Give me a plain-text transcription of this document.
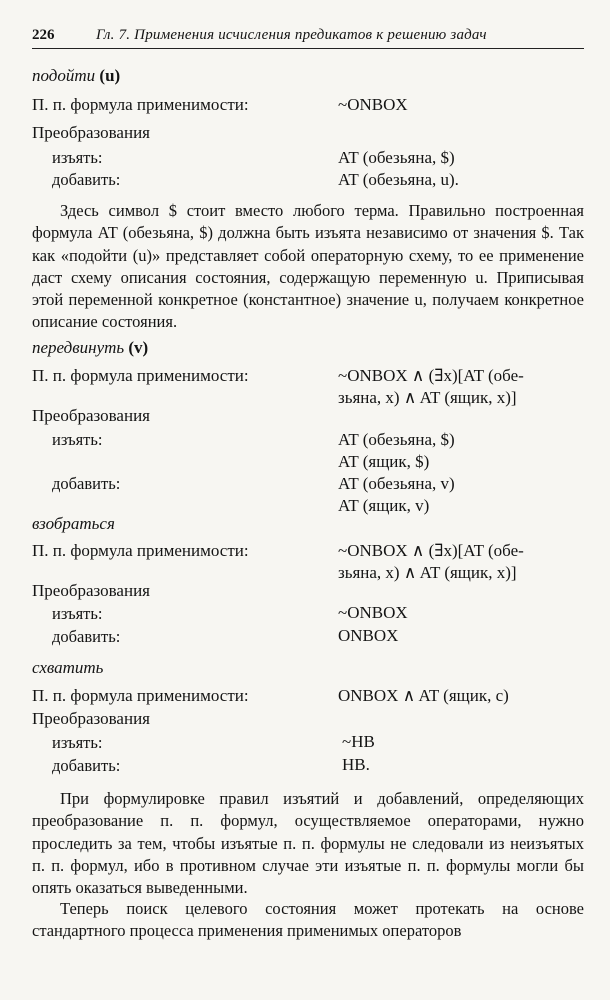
226	Гл. 7. Применения исчисления предикатов к решению задач
подойти (u)
П. п. формула применимости:	~ONBOX
Преобразования
изъять:	AT (обезьяна, $)
добавить:	AT (обезьяна, u).
Здесь символ $ стоит вместо любого терма. Правильно построенная формула AT (обезьяна, $) должна быть изъята независимо от значения $. Так как «подойти (u)» представляет собой операторную схему, то ее применение даст схему описания состояния, содержащую переменную u. Приписывая этой переменной конкретное (константное) значение u, получаем конкретное описание состояния.
передвинуть (v)
П. п. формула применимости:	~ONBOX ∧ (∃x)[AT (обе-
зьяна, x) ∧ AT (ящик, x)]
Преобразования
изъять:	AT (обезьяна, $)
AT (ящик, $)
добавить:	AT (обезьяна, v)
AT (ящик, v)
взобраться
П. п. формула применимости:	~ONBOX ∧ (∃x)[AT (обе-
зьяна, x) ∧ AT (ящик, x)]
Преобразования
изъять:	~ONBOX
добавить:	ONBOX
схватить
П. п. формула применимости:	ONBOX ∧ AT (ящик, c)
Преобразования
изъять:	~HB
добавить:	HB.
При формулировке правил изъятий и добавлений, определяющих преобразование п. п. формул, осуществляемое операторами, нужно проследить за тем, чтобы изъятые п. п. формулы не следовали из неизъятых п. п. формул, ибо в противном случае эти изъятые п. п. формулы могли бы опять оказаться выведенными.
Теперь поиск целевого состояния может протекать на основе стандартного процесса применения применимых операторов
